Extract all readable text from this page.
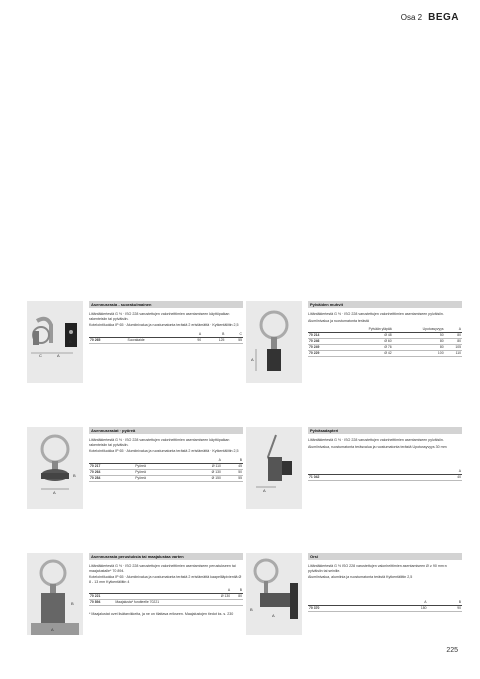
Osa 2 BEGA
B
C	A
Asennusrasia - suorakulmainen

Liitäntäkiertestä G ½ · ISO 228 varustettujen valonheittimien asentamiseen käyttöpaikan rakenteisiin tai pylväisiin.

Kotelointiluokka IP 65 · Alumiinivalua ja ruostumatonta terästä 2 eristämättä · Kytkentäliitin 2,5

		A	B	C
70 265	Suorakaide	90	125	55
A
Pylväiden muhvit

Liitäntäkiertestä G ½ · ISO 228 varustettujen valonheittimien asentamiseen pylväisiin.

Alumiinivalua ja ruostumatonta terästä

	Pylvään yläpää	Upotussyvyys	A
70 214	Ø 48	50	80
70 246	Ø 60	80	80
70 249	Ø 76	80	105
70 229	Ø 42	100	110
B
A
Asennusrasiat · pyöreä

Liitäntäkiertestä G ½ · ISO 228 varustettujen valonheittimien asentamiseen käyttöpaikan rakenteisiin tai pylväisiin.

Kotelointiluokka IP 65 · Alumiinivalua ja ruostumatonta terästä 2 eristämättä · Kytkentäliitin 2,5

		A	B
70 217	Pyöreä	Ø 110	45
70 264	Pyöreä	Ø 130	50
70 284	Pyöreä	Ø 150	55
A
Pylväsadapteri

Liitäntäkiertestä G ½ · ISO 228 varustettujen valonheittimien asentamiseen pylväisiin.

Alumiinivalua, ruostumatonta teräsvalua ja ruostumatonta terästä Upotussyvyys 30 mm

	A
71 042	40
B
A
Asennusrasia perustuksia tai maajalustaa varten

Liitäntäkiertestä G ½ · ISO 228 varustettujen valonheittimien asentamiseen perustukseen tai maajalustalle* 70 894.

Kotelointiluokka IP 65 · Alumiinivalua ja ruostumatonta terästä 2 eristämättä kaapeliläpivientiä Ø 8 - 13 mm Kytkentäliitin 4

		A	B
70 221		Ø 130	80
70 894	Maajalusta* fundteelle 70221		

* Maajalustat ovet lisätarvikkeita, ja ne on tilattava erikseen. Maajalustojen tiedot ks. s. 230

B
A
Orsi

Liitäntäkiertestä G ½ ISO 228 varustettujen valonheittimien asentamiseen Ø ≥ 90 mm:n pylväisiin tai seiniile.

Alumiinivalua, alumiinia ja ruostumatonta terästä Kytkentäliitin 2,5

	A	B
70 370	180	90
225
